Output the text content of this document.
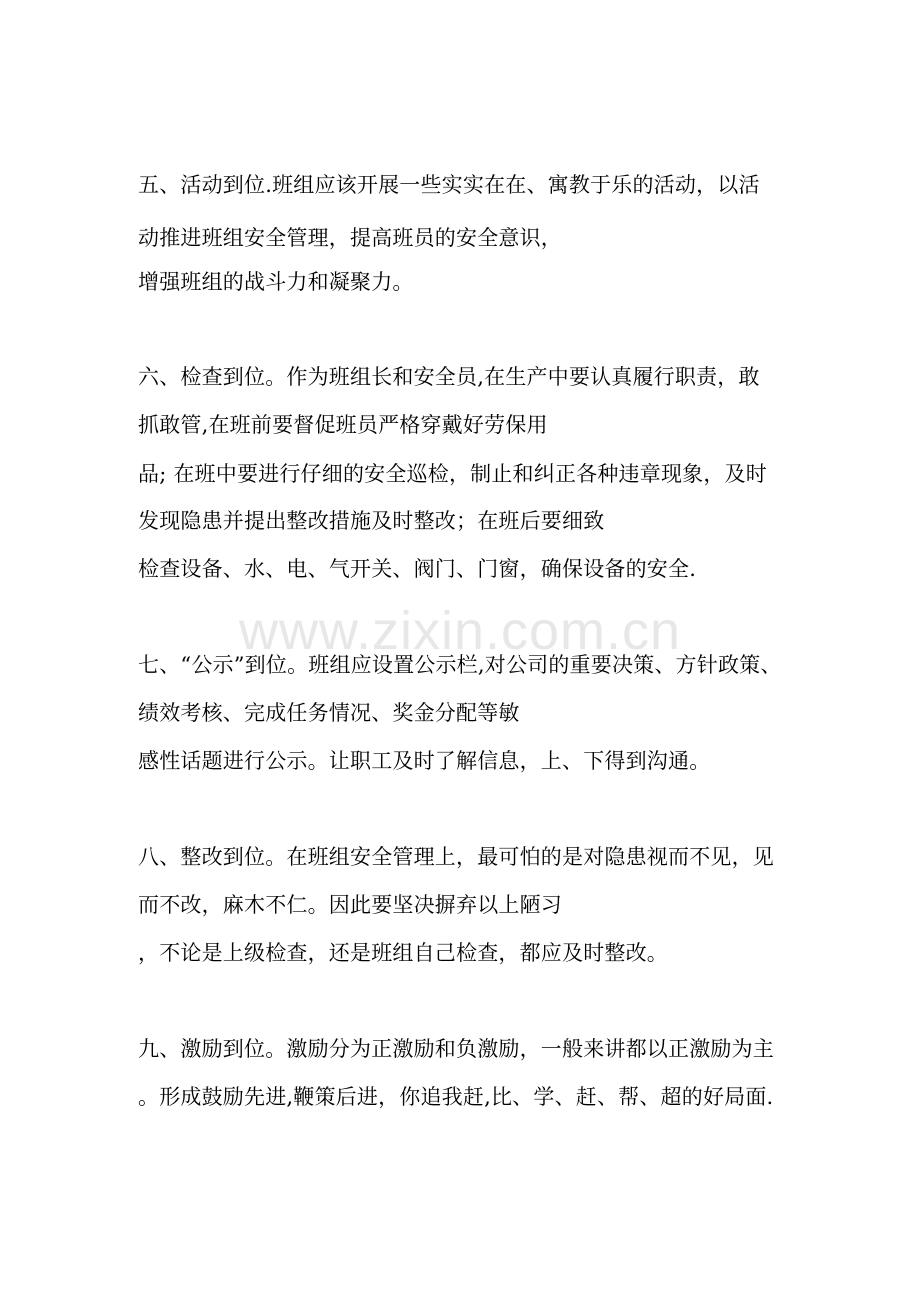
www.zixin.com.cn
五、活动到位.班组应该开展一些实实在在、寓教于乐的活动，以活
动推进班组安全管理，提高班员的安全意识，
增强班组的战斗力和凝聚力。
六、检查到位。作为班组长和安全员,在生产中要认真履行职责，敢
抓敢管,在班前要督促班员严格穿戴好劳保用
品; 在班中要进行仔细的安全巡检，制止和纠正各种违章现象，及时
发现隐患并提出整改措施及时整改；在班后要细致
检查设备、水、电、气开关、阀门、门窗，确保设备的安全.
七、“公示”到位。班组应设置公示栏,对公司的重要决策、方针政策、
绩效考核、完成任务情况、奖金分配等敏
感性话题进行公示。让职工及时了解信息，上、下得到沟通。
八、整改到位。在班组安全管理上，最可怕的是对隐患视而不见，见
而不改，麻木不仁。因此要坚决摒弃以上陋习
，不论是上级检查，还是班组自己检查，都应及时整改。
九、激励到位。激励分为正激励和负激励，一般来讲都以正激励为主
。形成鼓励先进,鞭策后进，你追我赶,比、学、赶、帮、超的好局面.
